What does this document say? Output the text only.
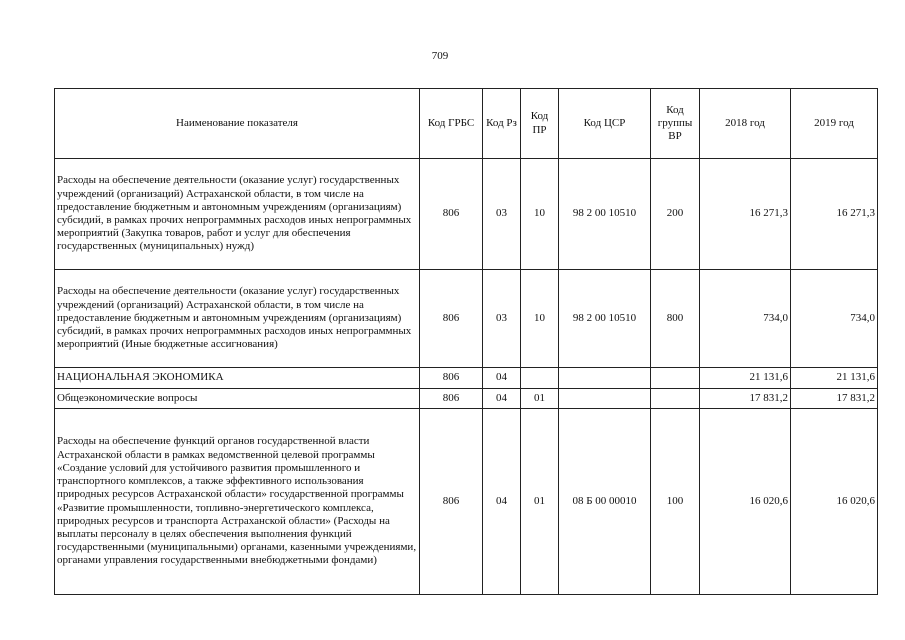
709
Наименование показателя	Код ГРБС	Код Рз	Код ПР	Код ЦСР	Код группы ВР	2018 год	2019 год
Расходы на обеспечение деятельности (оказание услуг) государственных учреждений (организаций) Астраханской области, в том числе на предоставление бюджетным и автономным учреждениям (организациям) субсидий, в рамках прочих непрограммных расходов иных непрограммных мероприятий (Закупка товаров, работ и услуг для обеспечения государственных (муниципальных) нужд)	806	03	10	98 2 00 10510	200	16 271,3	16 271,3
Расходы на обеспечение деятельности (оказание услуг) государственных учреждений (организаций) Астраханской области, в том числе на предоставление бюджетным и автономным учреждениям (организациям) субсидий, в рамках прочих непрограммных расходов иных непрограммных мероприятий (Иные бюджетные ассигнования)	806	03	10	98 2 00 10510	800	734,0	734,0
НАЦИОНАЛЬНАЯ ЭКОНОМИКА	806	04				21 131,6	21 131,6
Общеэкономические вопросы	806	04	01			17 831,2	17 831,2
Расходы на обеспечение функций органов государственной власти Астраханской области в рамках ведомственной целевой программы «Создание условий для устойчивого развития промышленного и транспортного комплексов, а также эффективного использования природных ресурсов Астраханской области» государственной программы «Развитие промышленности, топливно-энергетического комплекса, природных ресурсов и транспорта Астраханской области» (Расходы на выплаты персоналу в целях обеспечения выполнения функций государственными (муниципальными) органами, казенными учреждениями, органами управления государственными внебюджетными фондами)	806	04	01	08 Б 00 00010	100	16 020,6	16 020,6
